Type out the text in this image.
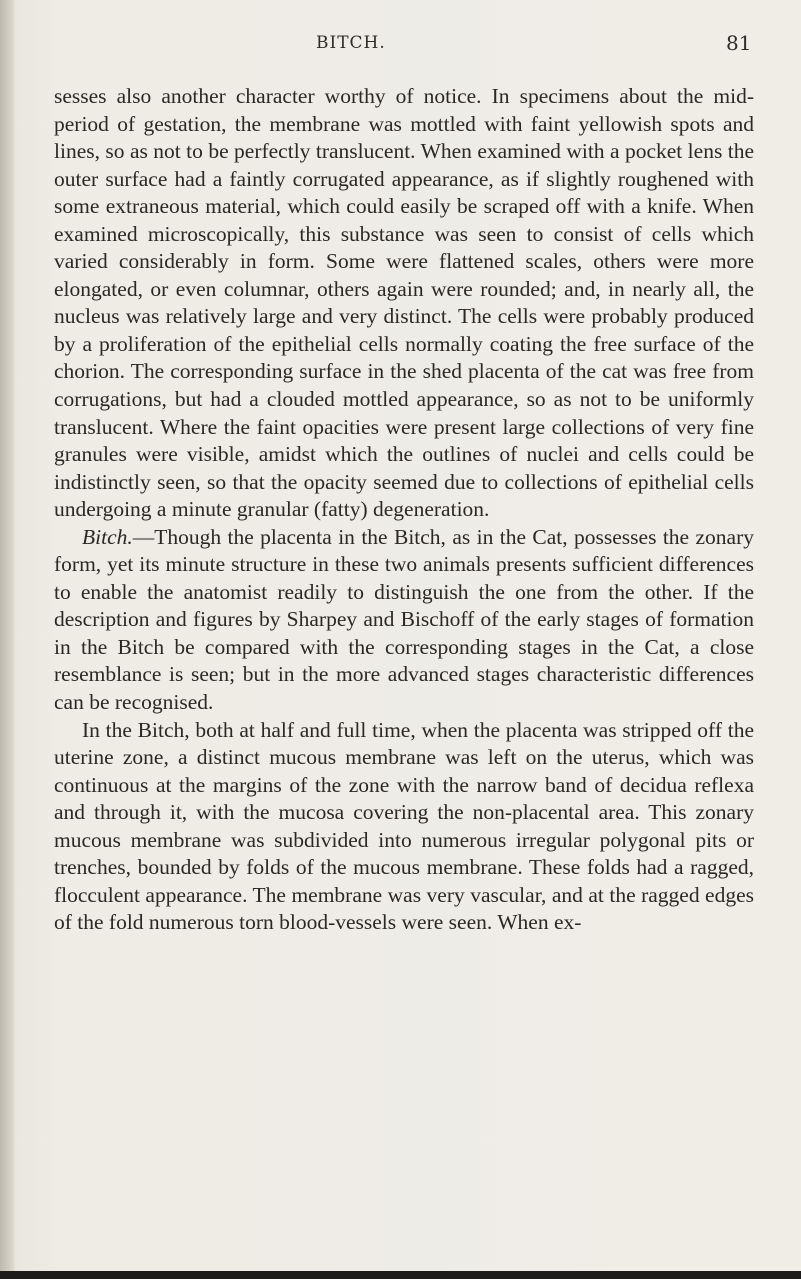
BITCH.	81

sesses also another character worthy of notice. In specimens about the mid-period of gestation, the membrane was mottled with faint yellowish spots and lines, so as not to be perfectly translucent. When examined with a pocket lens the outer surface had a faintly corrugated appearance, as if slightly roughened with some extraneous material, which could easily be scraped off with a knife. When examined microscopically, this substance was seen to consist of cells which varied considerably in form. Some were flattened scales, others were more elongated, or even columnar, others again were rounded; and, in nearly all, the nucleus was relatively large and very distinct. The cells were probably produced by a proliferation of the epithelial cells normally coating the free surface of the chorion. The corresponding surface in the shed placenta of the cat was free from corrugations, but had a clouded mottled appearance, so as not to be uniformly translucent. Where the faint opacities were present large collections of very fine granules were visible, amidst which the outlines of nuclei and cells could be indistinctly seen, so that the opacity seemed due to collections of epithelial cells undergoing a minute granular (fatty) degeneration.

Bitch.—Though the placenta in the Bitch, as in the Cat, possesses the zonary form, yet its minute structure in these two animals presents sufficient differences to enable the anatomist readily to distinguish the one from the other. If the description and figures by Sharpey and Bischoff of the early stages of formation in the Bitch be compared with the corresponding stages in the Cat, a close resemblance is seen; but in the more advanced stages characteristic differences can be recognised.

In the Bitch, both at half and full time, when the placenta was stripped off the uterine zone, a distinct mucous membrane was left on the uterus, which was continuous at the margins of the zone with the narrow band of decidua reflexa and through it, with the mucosa covering the non-placental area. This zonary mucous membrane was subdivided into numerous irregular polygonal pits or trenches, bounded by folds of the mucous membrane. These folds had a ragged, flocculent appearance. The membrane was very vascular, and at the ragged edges of the fold numerous torn blood-vessels were seen. When ex-
